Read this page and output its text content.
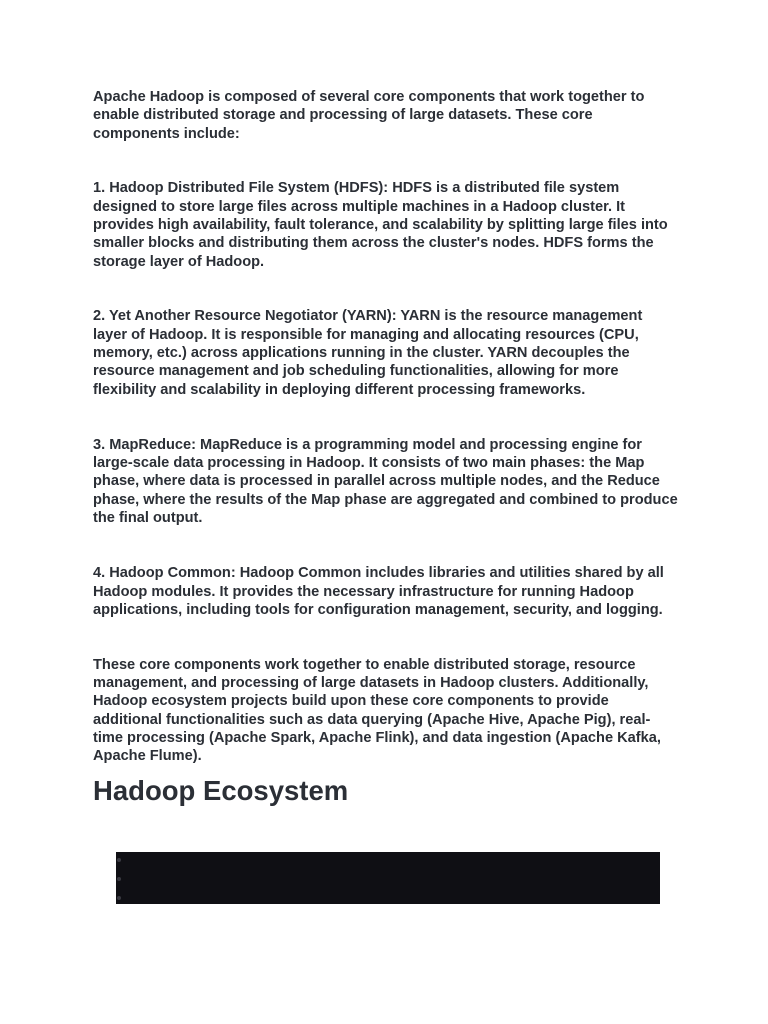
Apache Hadoop is composed of several core components that work together to enable distributed storage and processing of large datasets. These core components include:

1. Hadoop Distributed File System (HDFS): HDFS is a distributed file system designed to store large files across multiple machines in a Hadoop cluster. It provides high availability, fault tolerance, and scalability by splitting large files into smaller blocks and distributing them across the cluster's nodes. HDFS forms the storage layer of Hadoop.

2. Yet Another Resource Negotiator (YARN): YARN is the resource management layer of Hadoop. It is responsible for managing and allocating resources (CPU, memory, etc.) across applications running in the cluster. YARN decouples the resource management and job scheduling functionalities, allowing for more flexibility and scalability in deploying different processing frameworks.

3. MapReduce: MapReduce is a programming model and processing engine for large-scale data processing in Hadoop. It consists of two main phases: the Map phase, where data is processed in parallel across multiple nodes, and the Reduce phase, where the results of the Map phase are aggregated and combined to produce the final output.

4. Hadoop Common: Hadoop Common includes libraries and utilities shared by all Hadoop modules. It provides the necessary infrastructure for running Hadoop applications, including tools for configuration management, security, and logging.

These core components work together to enable distributed storage, resource management, and processing of large datasets in Hadoop clusters. Additionally, Hadoop ecosystem projects build upon these core components to provide additional functionalities such as data querying (Apache Hive, Apache Pig), real-time processing (Apache Spark, Apache Flink), and data ingestion (Apache Kafka, Apache Flume).

Hadoop Ecosystem
